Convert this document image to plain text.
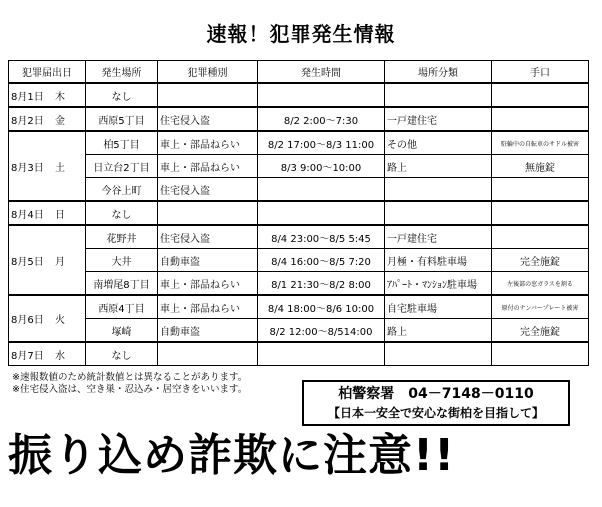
速報！犯罪発生情報
犯罪届出日	発生場所	犯罪種別	発生時間	場所分類	手口
8月1日 木	なし				
8月2日 金	西原5丁目	住宅侵入盗	8/2 2:00～7:30	一戸建住宅	
8月3日 土	柏5丁目	車上・部品ねらい	8/2 17:00～8/3 11:00	その他	駐輪中の自転車のサドル被害
	日立台2丁目	車上・部品ねらい	8/3 9:00～10:00	路上	無施錠
	今谷上町	住宅侵入盗			
8月4日 日	なし				
8月5日 月	花野井	住宅侵入盗	8/4 23:00～8/5 5:45	一戸建住宅	
	大井	自動車盗	8/4 16:00～8/5 7:20	月極・有料駐車場	完全施錠
	南増尾8丁目	車上・部品ねらい	8/1 21:30～8/2 8:00	ｱﾊﾟｰﾄ・ﾏﾝｼｮﾝ駐車場	左後部の窓ガラスを割る
8月6日 火	西原4丁目	車上・部品ねらい	8/4 18:00～8/6 10:00	自宅駐車場	原付のナンバープレート被害
	塚崎	自動車盗	8/2 12:00～8/514:00	路上	完全施錠
8月7日 水	なし				
※速報数値のため統計数値とは異なることがあります。
※住宅侵入盗は、空き巣・忍込み・居空きをいいます。	柏警察署　04－7148－0110
【日本一安全で安心な街柏を目指して】
振り込め詐欺に注意!!
